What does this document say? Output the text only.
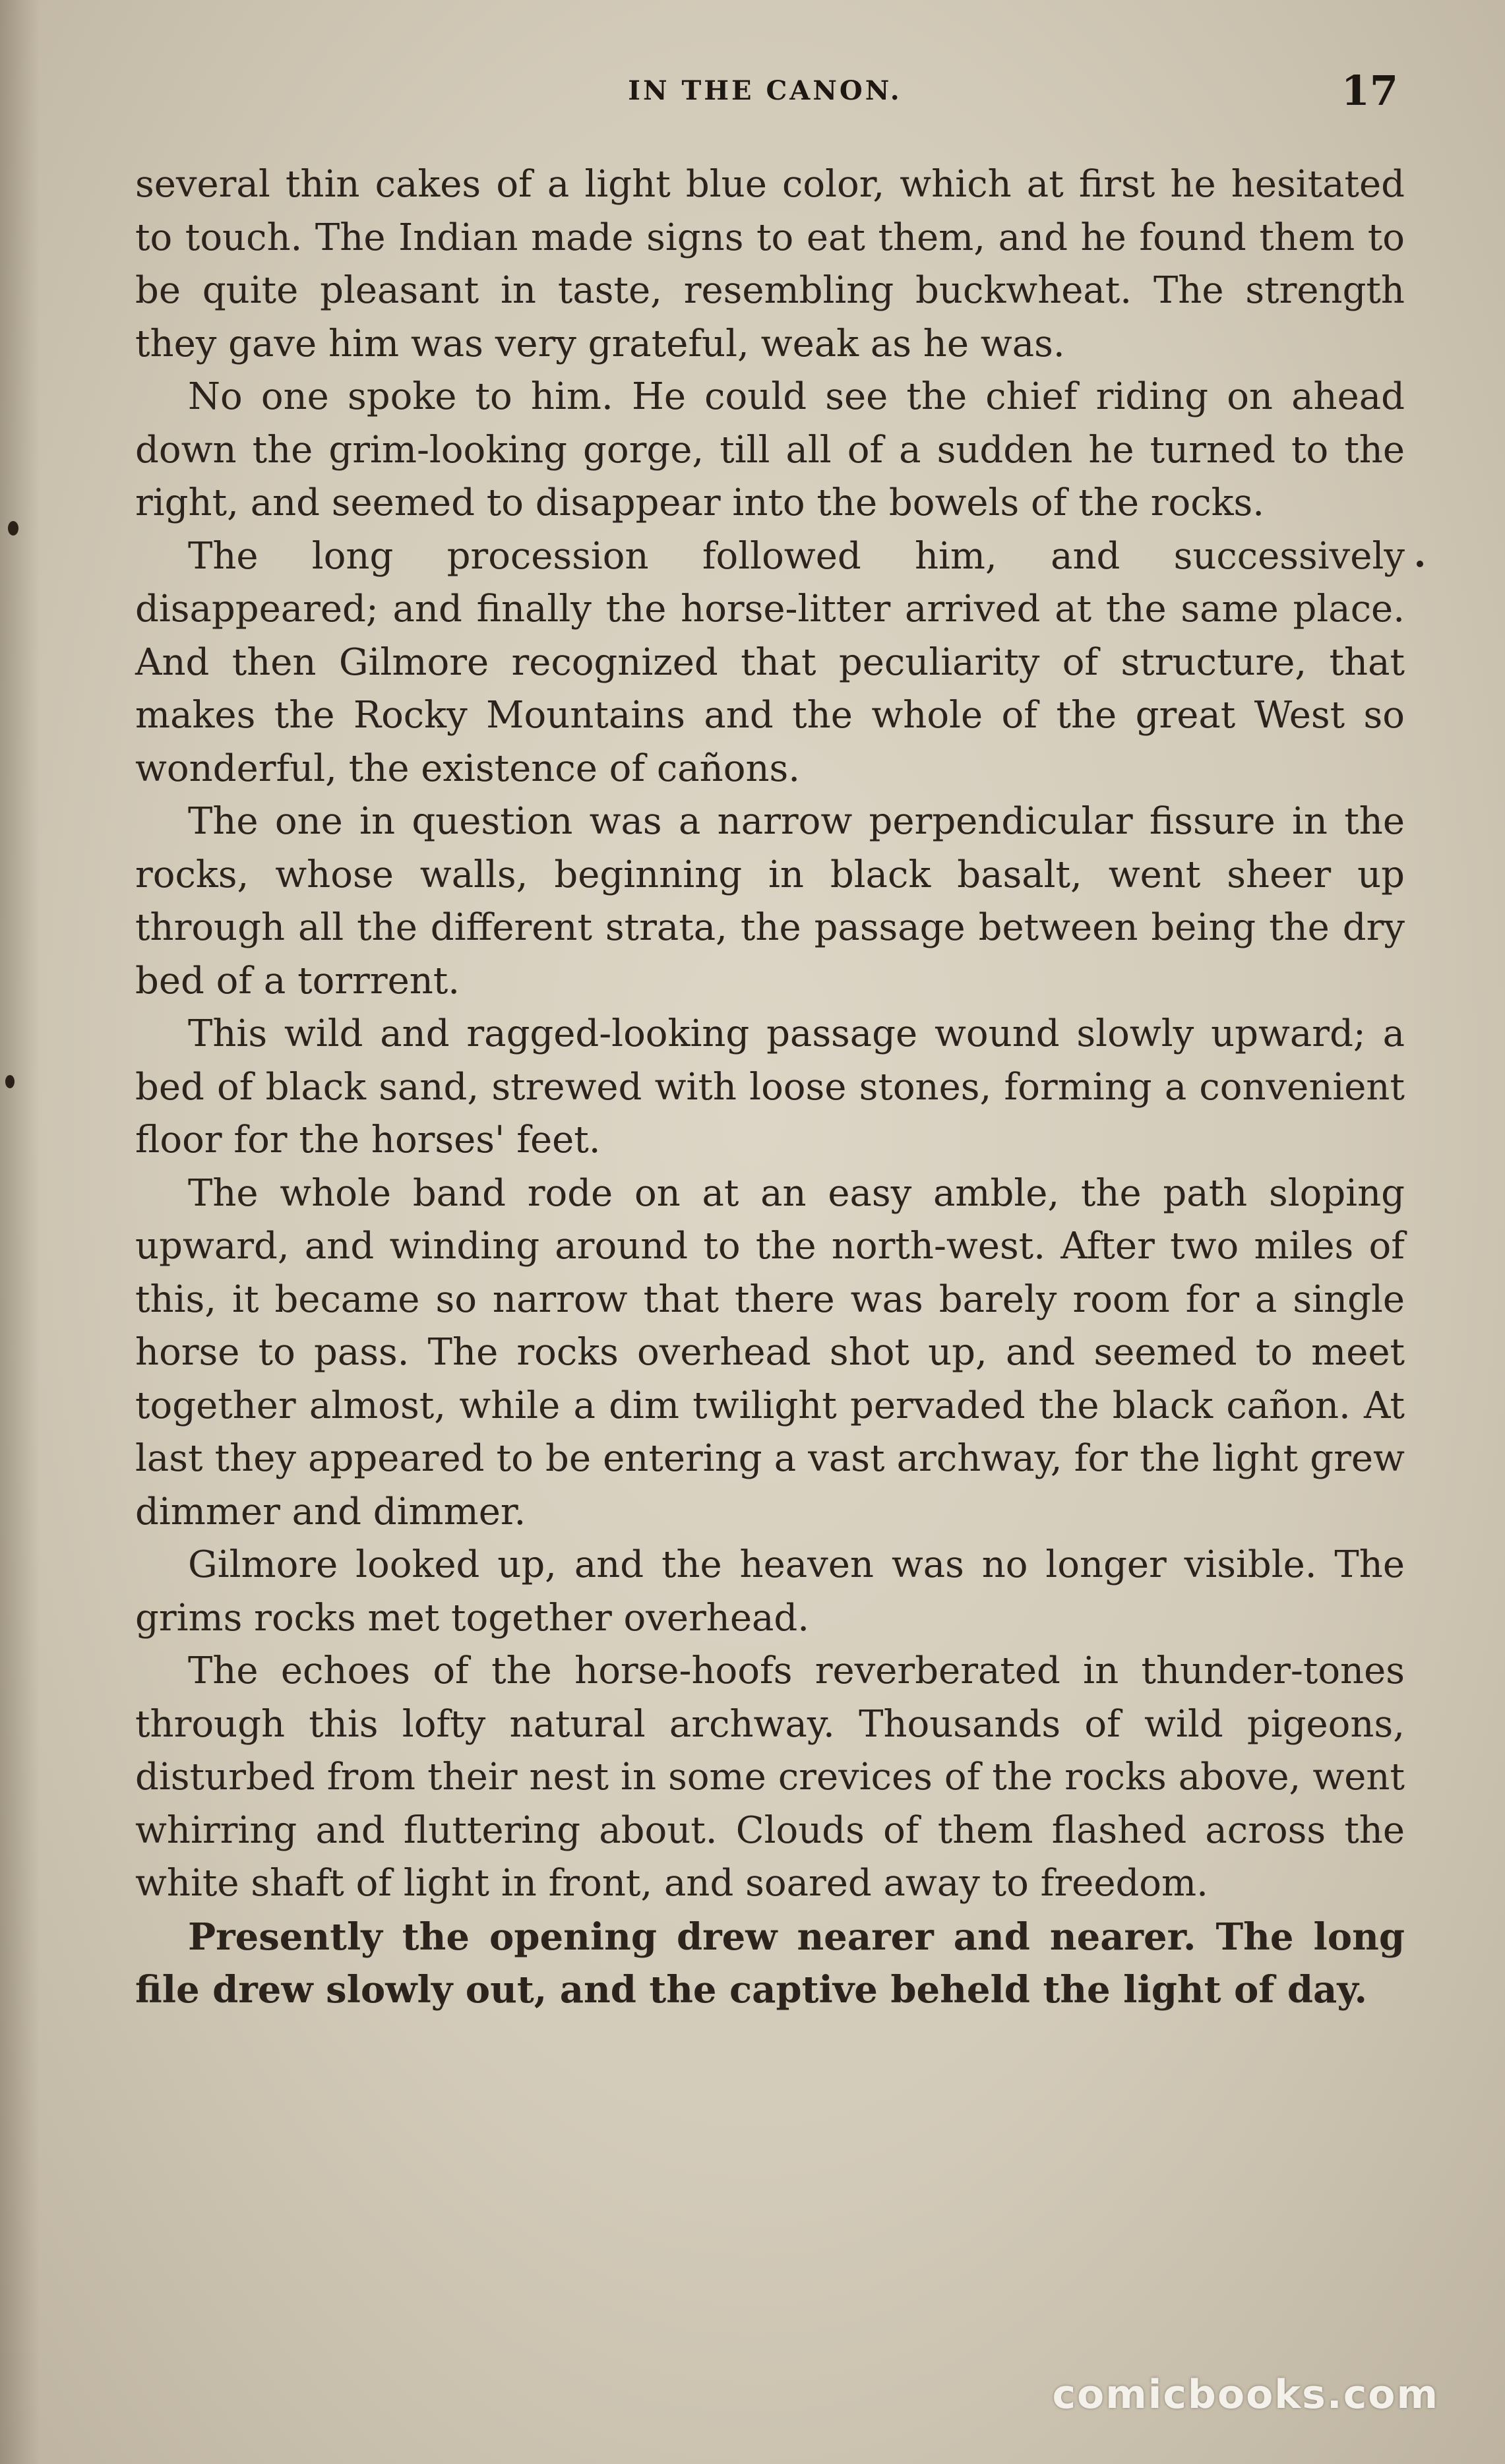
IN THE CANON.	17

several thin cakes of a light blue color, which at first he hesitated to touch. The Indian made signs to eat them, and he found them to be quite pleasant in taste, resembling buckwheat. The strength they gave him was very grateful, weak as he was.

No one spoke to him. He could see the chief riding on ahead down the grim-looking gorge, till all of a sudden he turned to the right, and seemed to disappear into the bowels of the rocks.

The long procession followed him, and successively disappeared; and finally the horse-litter arrived at the same place. And then Gilmore recognized that peculiarity of structure, that makes the Rocky Mountains and the whole of the great West so wonderful, the existence of cañons.

The one in question was a narrow perpendicular fissure in the rocks, whose walls, beginning in black basalt, went sheer up through all the different strata, the passage between being the dry bed of a torrrent.

This wild and ragged-looking passage wound slowly upward; a bed of black sand, strewed with loose stones, forming a convenient floor for the horses' feet.

The whole band rode on at an easy amble, the path sloping upward, and winding around to the north-west. After two miles of this, it became so narrow that there was barely room for a single horse to pass. The rocks overhead shot up, and seemed to meet together almost, while a dim twilight pervaded the black cañon. At last they appeared to be entering a vast archway, for the light grew dimmer and dimmer.

Gilmore looked up, and the heaven was no longer visible. The grims rocks met together overhead.

The echoes of the horse-hoofs reverberated in thunder-tones through this lofty natural archway. Thousands of wild pigeons, disturbed from their nest in some crevices of the rocks above, went whirring and fluttering about. Clouds of them flashed across the white shaft of light in front, and soared away to freedom.

Presently the opening drew nearer and nearer. The long file drew slowly out, and the captive beheld the light of day.

comicbooks.com
